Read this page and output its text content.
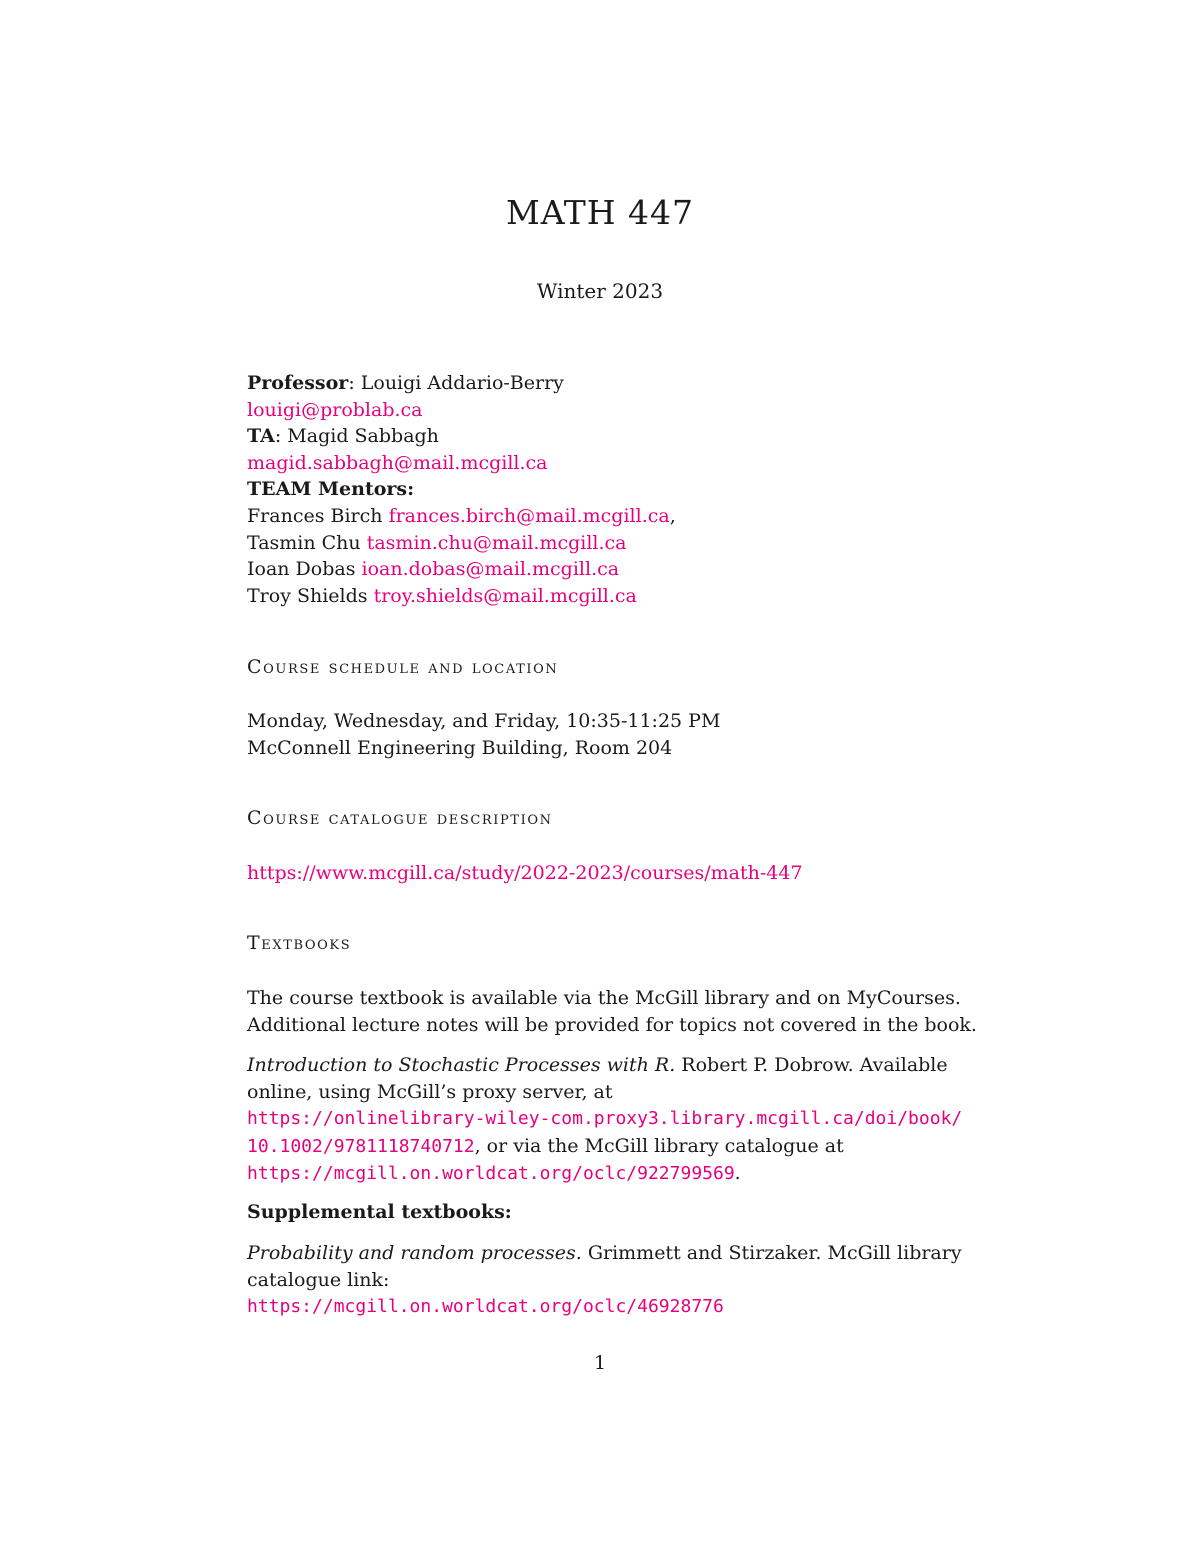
MATH 447
Winter 2023
Professor: Louigi Addario-Berry
louigi@problab.ca
TA: Magid Sabbagh
magid.sabbagh@mail.mcgill.ca
TEAM Mentors:
Frances Birch frances.birch@mail.mcgill.ca,
Tasmin Chu tasmin.chu@mail.mcgill.ca
Ioan Dobas ioan.dobas@mail.mcgill.ca
Troy Shields troy.shields@mail.mcgill.ca
Course schedule and location
Monday, Wednesday, and Friday, 10:35-11:25 PM
McConnell Engineering Building, Room 204
Course catalogue description
https://www.mcgill.ca/study/2022-2023/courses/math-447
Textbooks
The course textbook is available via the McGill library and on MyCourses.
Additional lecture notes will be provided for topics not covered in the book.
Introduction to Stochastic Processes with R. Robert P. Dobrow. Available
online, using McGill’s proxy server, at
https://onlinelibrary-wiley-com.proxy3.library.mcgill.ca/doi/book/
10.1002/9781118740712, or via the McGill library catalogue at
https://mcgill.on.worldcat.org/oclc/922799569.
Supplemental textbooks:
Probability and random processes. Grimmett and Stirzaker. McGill library
catalogue link:
https://mcgill.on.worldcat.org/oclc/46928776
1
